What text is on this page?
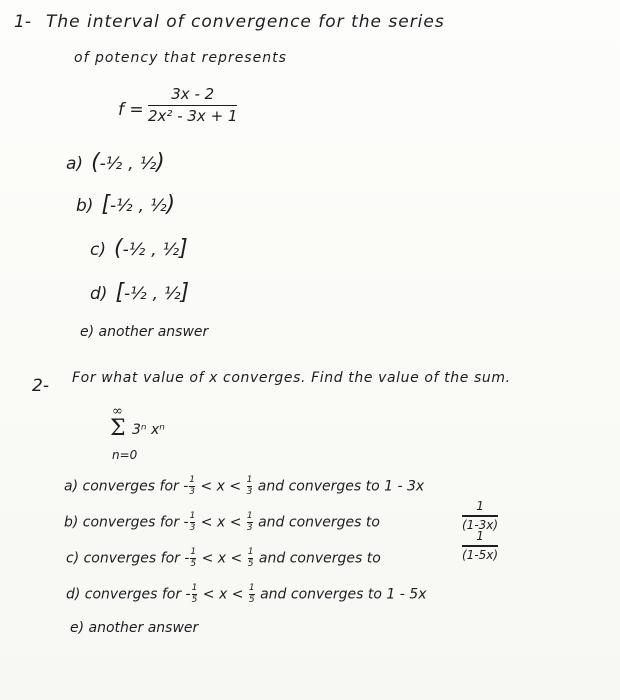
1- The interval of convergence for the series
of potency that represents
f =
3x - 2
2x² - 3x + 1
a) (-½ , ½)
b) [-½ , ½)
c) (-½ , ½]
d) [-½ , ½]
e) another answer
2- For what value of x converges. Find the value of the sum.
∞
Σ 3ⁿ xⁿ
n=0
a) converges for - $\frac{1}{3} < x < \frac{1}{3}$ and converges to 1 - 3x
b) converges for - $\frac{1}{3} < x < \frac{1}{3}$ and converges to
1
(1-3x)
c) converges for - $\frac{1}{5} < x < \frac{1}{5}$ and converges to
1
(1-5x)
d) converges for - $\frac{1}{5} < x < \frac{1}{5}$ and converges to 1 - 5x
e) another answer
